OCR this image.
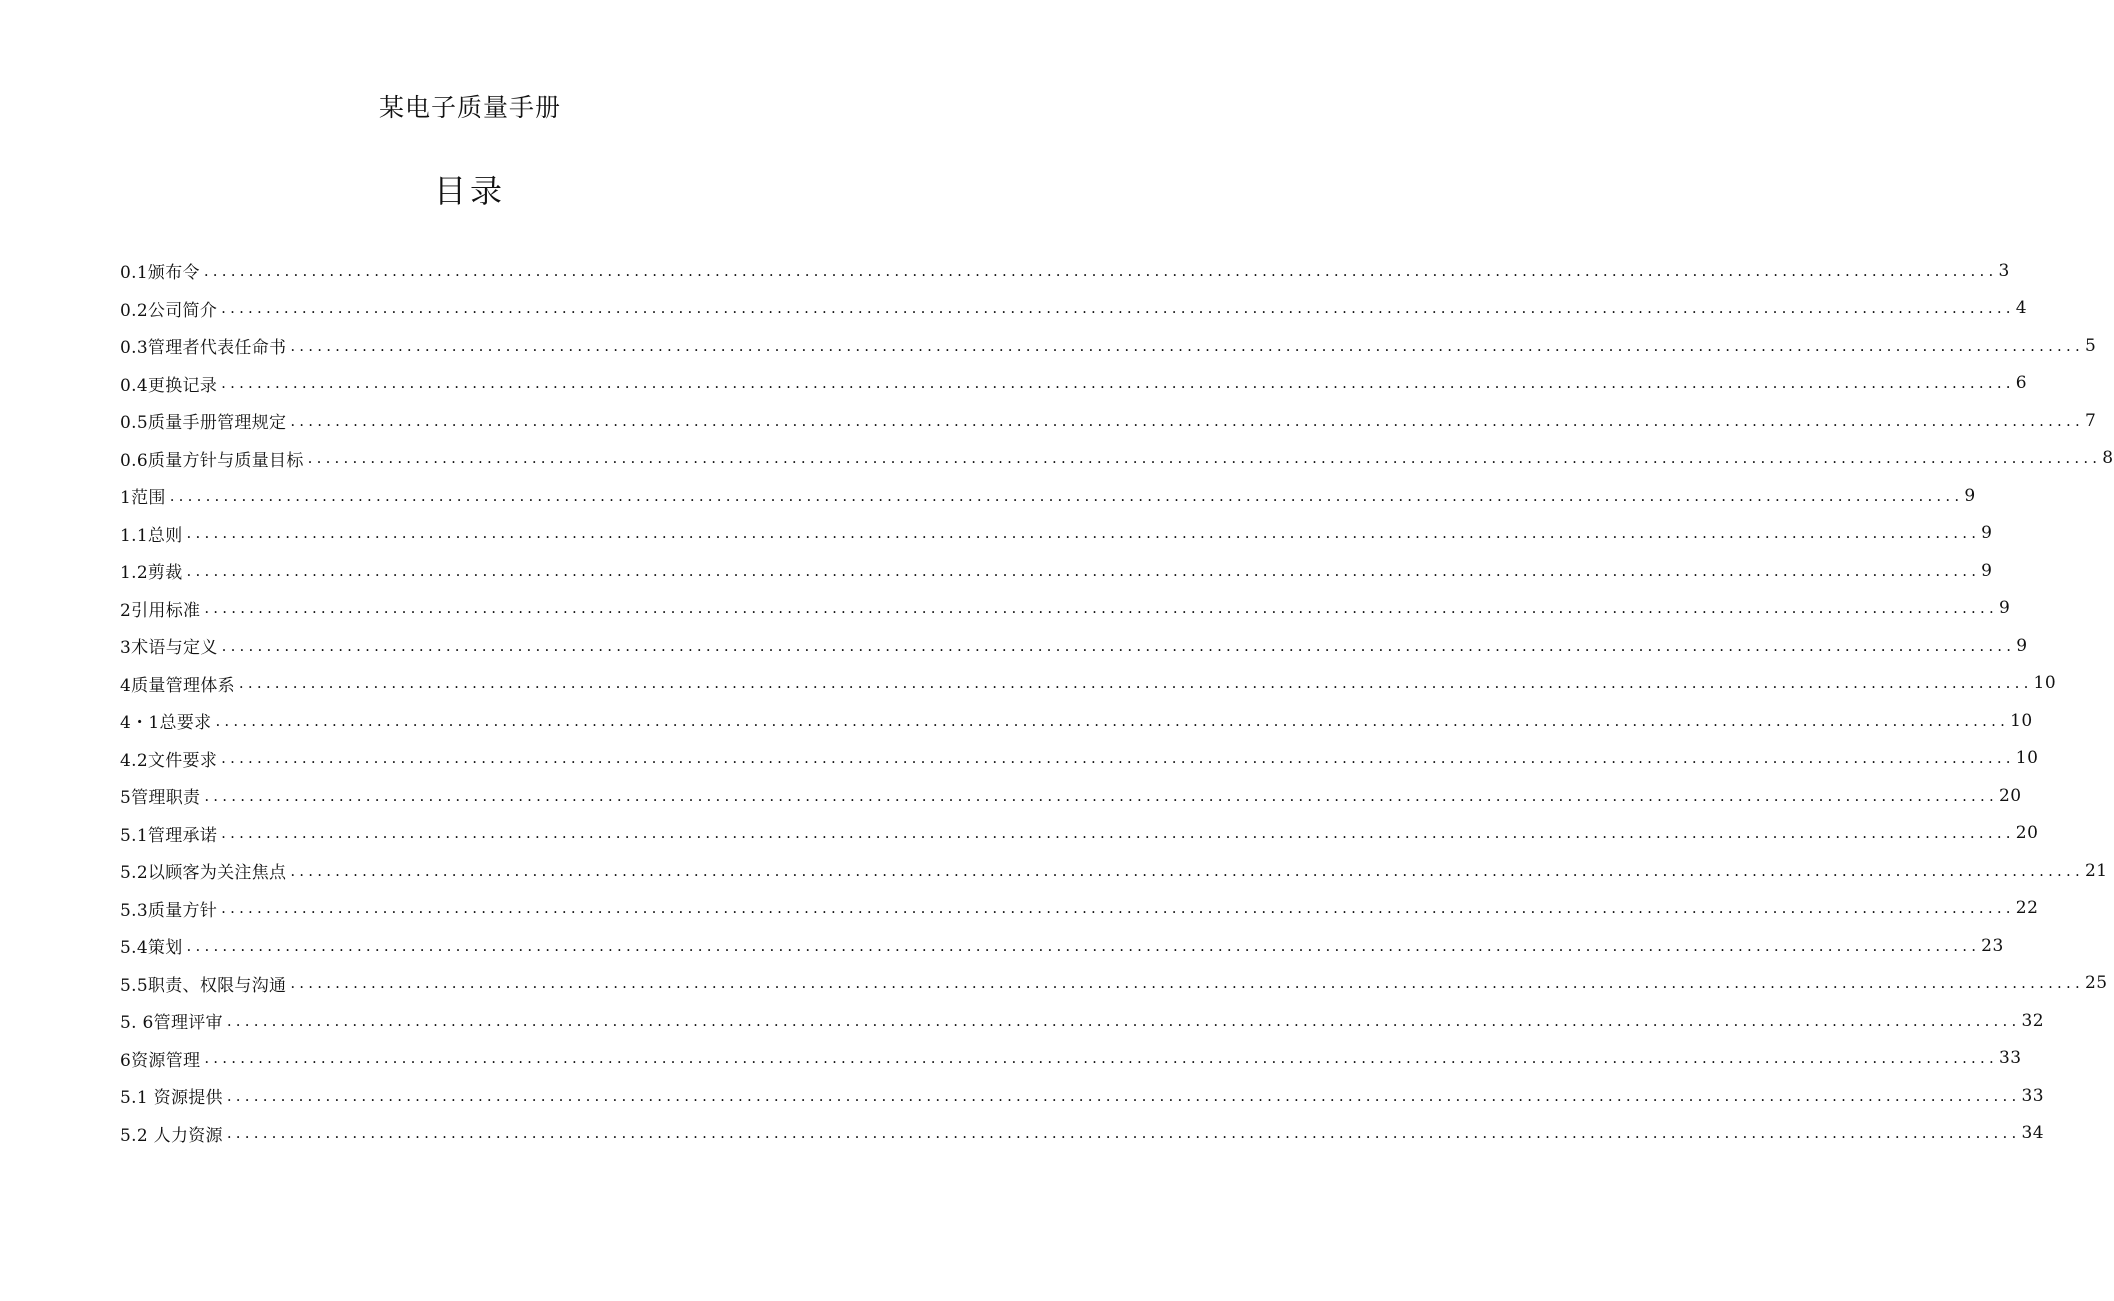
某电子质量手册
目录
0.1颁布令 ........................................................................................................................................................................................................ 3
0.2公司简介 ........................................................................................................................................................................................................ 4
0.3管理者代表任命书 ........................................................................................................................................................................................................ 5
0.4更换记录 ........................................................................................................................................................................................................ 6
0.5质量手册管理规定 ........................................................................................................................................................................................................ 7
0.6质量方针与质量目标 ........................................................................................................................................................................................................ 8
1范围 ........................................................................................................................................................................................................ 9
1.1总则 ........................................................................................................................................................................................................ 9
1.2剪裁 ........................................................................................................................................................................................................ 9
2引用标准 ........................................................................................................................................................................................................ 9
3术语与定义 ........................................................................................................................................................................................................ 9
4质量管理体系 ........................................................................................................................................................................................................ 10
4・1总要求 ........................................................................................................................................................................................................ 10
4.2文件要求 ........................................................................................................................................................................................................ 10
5管理职责 ........................................................................................................................................................................................................ 20
5.1管理承诺 ........................................................................................................................................................................................................ 20
5.2以顾客为关注焦点 ........................................................................................................................................................................................................ 21
5.3质量方针 ........................................................................................................................................................................................................ 22
5.4策划 ........................................................................................................................................................................................................ 23
5.5职责、权限与沟通 ........................................................................................................................................................................................................ 25
5. 6管理评审 ........................................................................................................................................................................................................ 32
6资源管理 ........................................................................................................................................................................................................ 33
5.1 资源提供 ........................................................................................................................................................................................................ 33
5.2 人力资源 ........................................................................................................................................................................................................ 34
